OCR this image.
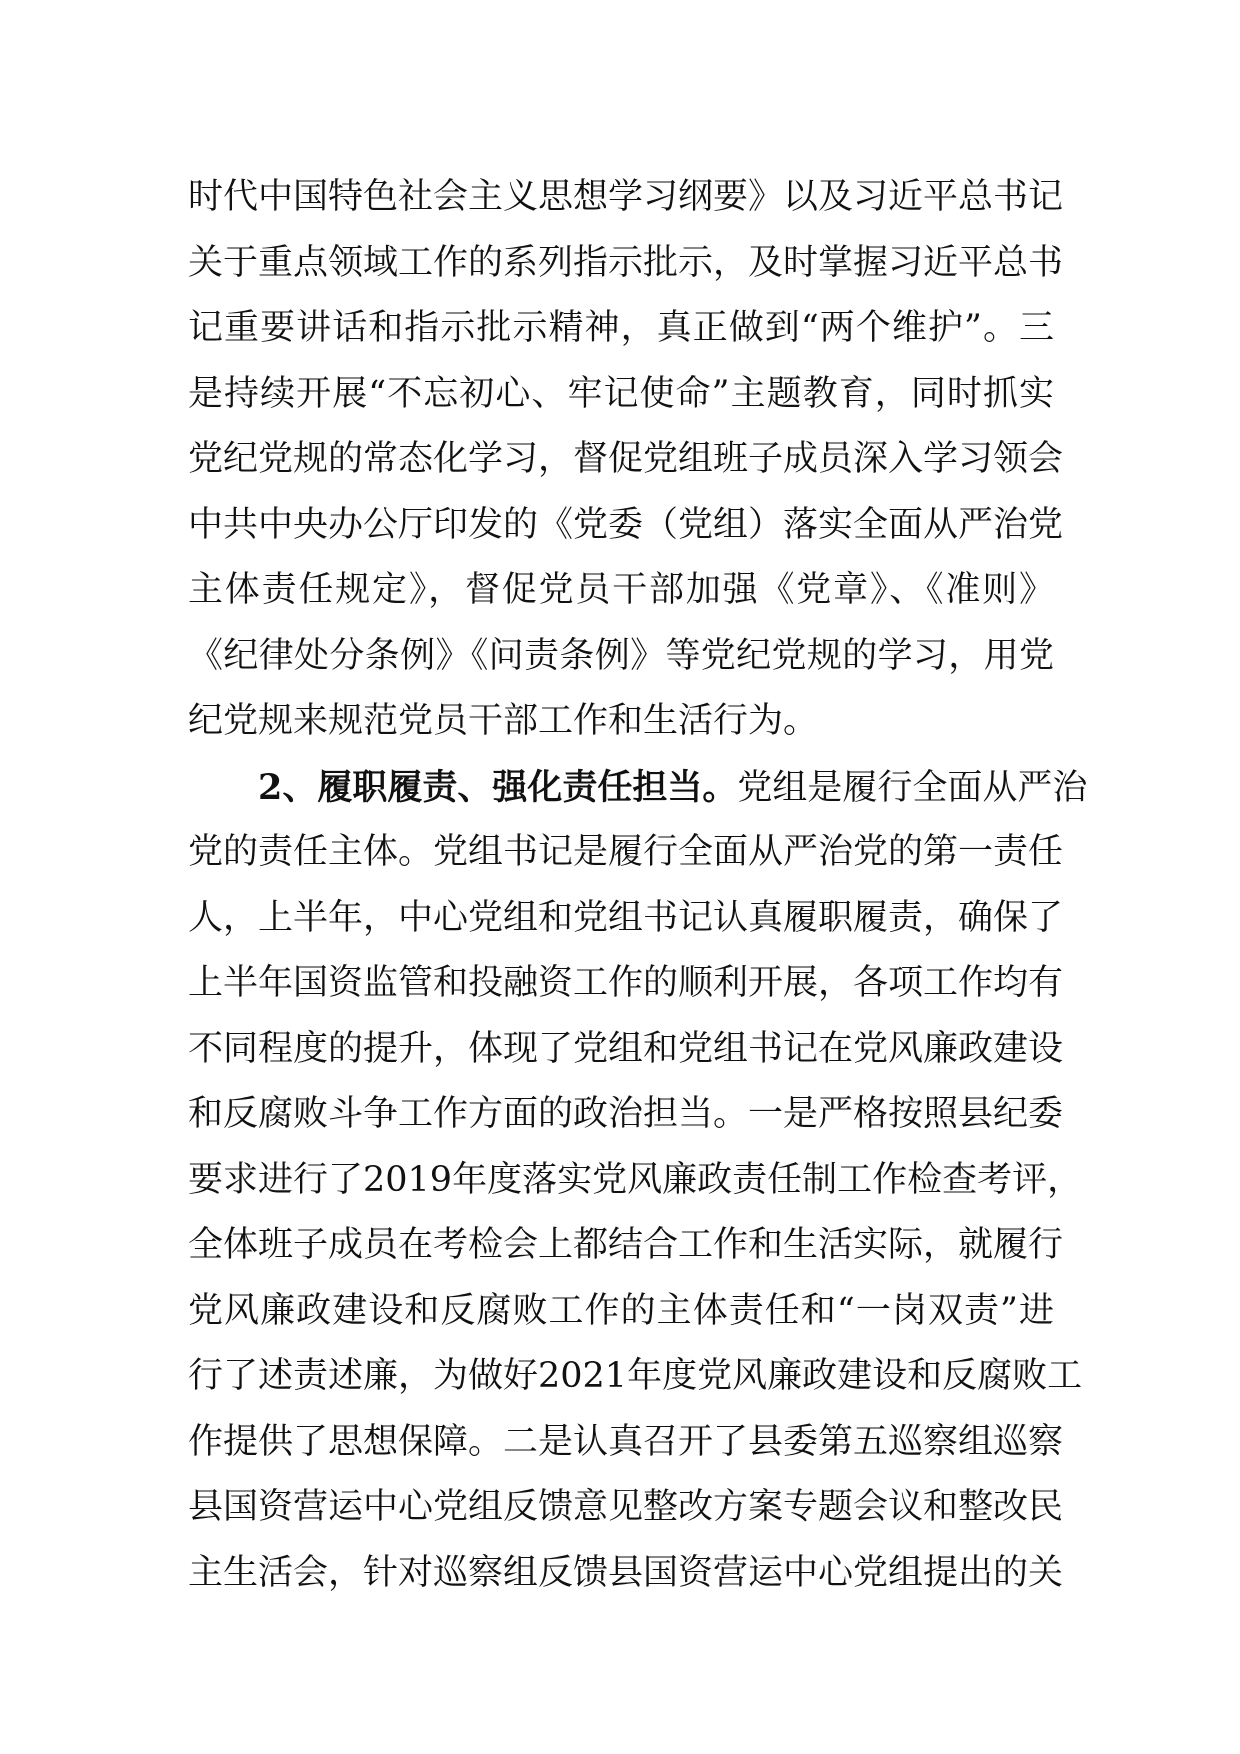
时代中国特色社会主义思想学习纲要》以及习近平总书记
关于重点领域工作的系列指示批示，及时掌握习近平总书
记重要讲话和指示批示精神，真正做到“两个维护”。三
是持续开展“不忘初心、牢记使命”主题教育，同时抓实
党纪党规的常态化学习，督促党组班子成员深入学习领会
中共中央办公厅印发的《党委（党组）落实全面从严治党
主体责任规定》，督促党员干部加强《党章》、《准则》
《纪律处分条例》《问责条例》等党纪党规的学习，用党
纪党规来规范党员干部工作和生活行为。
2、履职履责、强化责任担当。党组是履行全面从严治
党的责任主体。党组书记是履行全面从严治党的第一责任
人，上半年，中心党组和党组书记认真履职履责，确保了
上半年国资监管和投融资工作的顺利开展，各项工作均有
不同程度的提升，体现了党组和党组书记在党风廉政建设
和反腐败斗争工作方面的政治担当。一是严格按照县纪委
要求进行了2019年度落实党风廉政责任制工作检查考评，
全体班子成员在考检会上都结合工作和生活实际，就履行
党风廉政建设和反腐败工作的主体责任和“一岗双责”进
行了述责述廉，为做好2021年度党风廉政建设和反腐败工
作提供了思想保障。二是认真召开了县委第五巡察组巡察
县国资营运中心党组反馈意见整改方案专题会议和整改民
主生活会，针对巡察组反馈县国资营运中心党组提出的关
